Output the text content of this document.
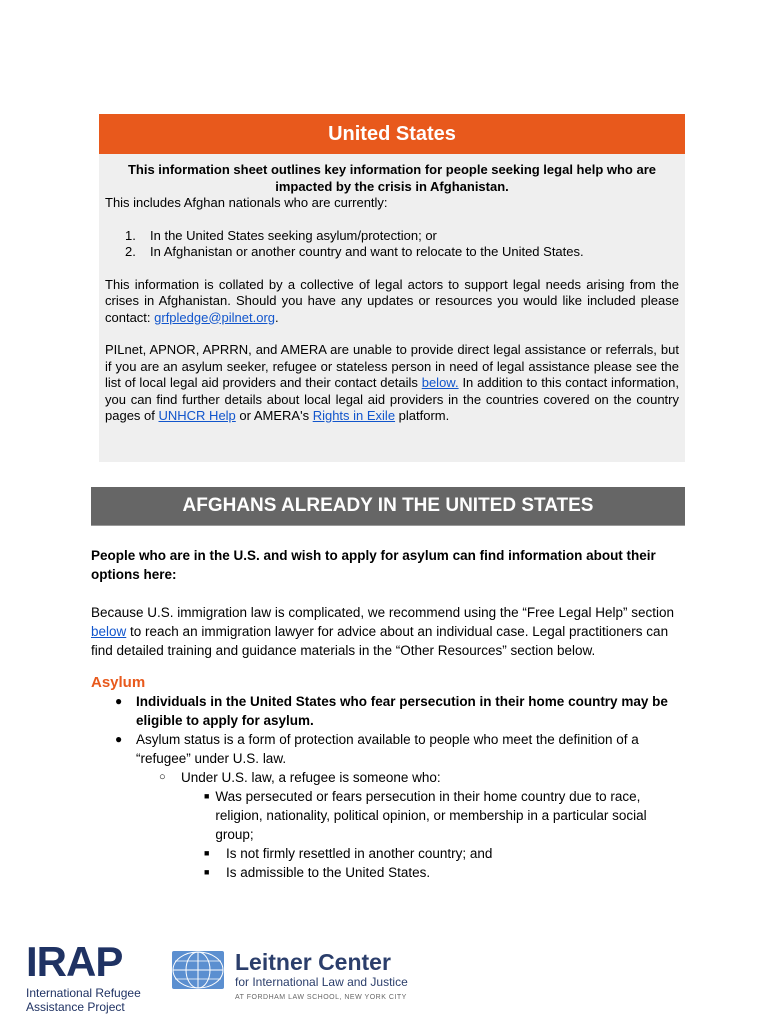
United States

This information sheet outlines key information for people seeking legal help who are impacted by the crisis in Afghanistan.

This includes Afghan nationals who are currently:

1.	In the United States seeking asylum/protection; or
2.	In Afghanistan or another country and want to relocate to the United States.

This information is collated by a collective of legal actors to support legal needs arising from the crises in Afghanistan. Should you have any updates or resources you would like included please contact: grfpledge@pilnet.org.

PILnet, APNOR, APRRN, and AMERA are unable to provide direct legal assistance or referrals, but if you are an asylum seeker, refugee or stateless person in need of legal assistance please see the list of local legal aid providers and their contact details below. In addition to this contact information, you can find further details about local legal aid providers in the countries covered on the country pages of UNHCR Help or AMERA's Rights in Exile platform.

AFGHANS ALREADY IN THE UNITED STATES

People who are in the U.S. and wish to apply for asylum can find information about their options here:

Because U.S. immigration law is complicated, we recommend using the “Free Legal Help” section below to reach an immigration lawyer for advice about an individual case. Legal practitioners can find detailed training and guidance materials in the “Other Resources” section below.

Asylum
●	Individuals in the United States who fear persecution in their home country may be eligible to apply for asylum.
●	Asylum status is a form of protection available to people who meet the definition of a “refugee” under U.S. law.
○	Under U.S. law, a refugee is someone who:
■ Was persecuted or fears persecution in their home country due to race, religion, nationality, political opinion, or membership in a particular social group;
■	Is not firmly resettled in another country; and
■	Is admissible to the United States.
IRAP
International Refugee
Assistance Project
Leitner Center
for International Law and Justice
AT FORDHAM LAW SCHOOL, NEW YORK CITY
